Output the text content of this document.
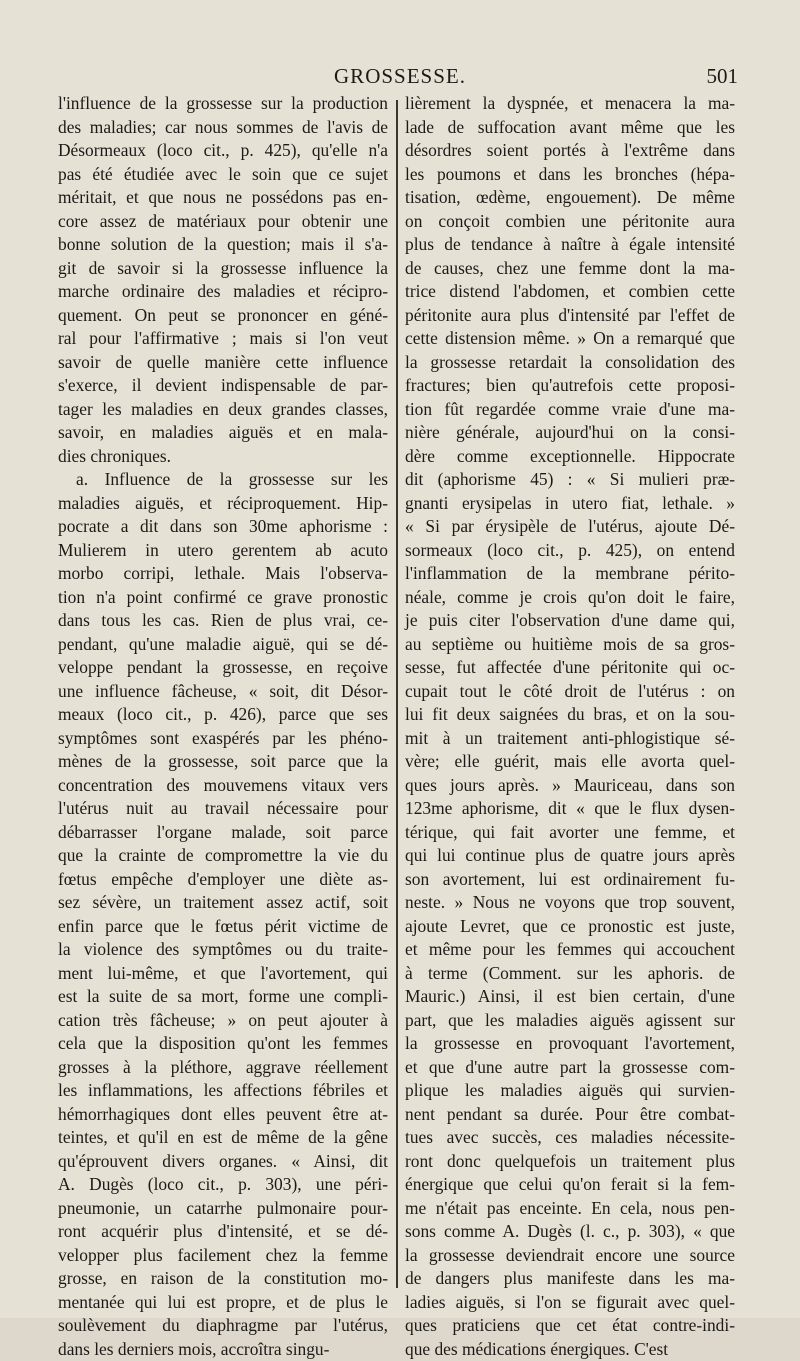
GROSSESSE.	501
l'influence de la grossesse sur la production
des maladies; car nous sommes de l'avis de
Désormeaux (loco cit., p. 425), qu'elle n'a
pas été étudiée avec le soin que ce sujet
méritait, et que nous ne possédons pas en-
core assez de matériaux pour obtenir une
bonne solution de la question; mais il s'a-
git de savoir si la grossesse influence la
marche ordinaire des maladies et récipro-
quement. On peut se prononcer en géné-
ral pour l'affirmative ; mais si l'on veut
savoir de quelle manière cette influence
s'exerce, il devient indispensable de par-
tager les maladies en deux grandes classes,
savoir, en maladies aiguës et en mala-
dies chroniques.
a. Influence de la grossesse sur les
maladies aiguës, et réciproquement. Hip-
pocrate a dit dans son 30me aphorisme :
Mulierem in utero gerentem ab acuto
morbo corripi, lethale. Mais l'observa-
tion n'a point confirmé ce grave pronostic
dans tous les cas. Rien de plus vrai, ce-
pendant, qu'une maladie aiguë, qui se dé-
veloppe pendant la grossesse, en reçoive
une influence fâcheuse, « soit, dit Désor-
meaux (loco cit., p. 426), parce que ses
symptômes sont exaspérés par les phéno-
mènes de la grossesse, soit parce que la
concentration des mouvemens vitaux vers
l'utérus nuit au travail nécessaire pour
débarrasser l'organe malade, soit parce
que la crainte de compromettre la vie du
fœtus empêche d'employer une diète as-
sez sévère, un traitement assez actif, soit
enfin parce que le fœtus périt victime de
la violence des symptômes ou du traite-
ment lui-même, et que l'avortement, qui
est la suite de sa mort, forme une compli-
cation très fâcheuse; » on peut ajouter à
cela que la disposition qu'ont les femmes
grosses à la pléthore, aggrave réellement
les inflammations, les affections fébriles et
hémorrhagiques dont elles peuvent être at-
teintes, et qu'il en est de même de la gêne
qu'éprouvent divers organes. « Ainsi, dit
A. Dugès (loco cit., p. 303), une péri-
pneumonie, un catarrhe pulmonaire pour-
ront acquérir plus d'intensité, et se dé-
velopper plus facilement chez la femme
grosse, en raison de la constitution mo-
mentanée qui lui est propre, et de plus le
soulèvement du diaphragme par l'utérus,
dans les derniers mois, accroîtra singu-
lièrement la dyspnée, et menacera la ma-
lade de suffocation avant même que les
désordres soient portés à l'extrême dans
les poumons et dans les bronches (hépa-
tisation, œdème, engouement). De même
on conçoit combien une péritonite aura
plus de tendance à naître à égale intensité
de causes, chez une femme dont la ma-
trice distend l'abdomen, et combien cette
péritonite aura plus d'intensité par l'effet de
cette distension même. » On a remarqué que
la grossesse retardait la consolidation des
fractures; bien qu'autrefois cette proposi-
tion fût regardée comme vraie d'une ma-
nière générale, aujourd'hui on la consi-
dère comme exceptionnelle. Hippocrate
dit (aphorisme 45) : « Si mulieri præ-
gnanti erysipelas in utero fiat, lethale. »
« Si par érysipèle de l'utérus, ajoute Dé-
sormeaux (loco cit., p. 425), on entend
l'inflammation de la membrane périto-
néale, comme je crois qu'on doit le faire,
je puis citer l'observation d'une dame qui,
au septième ou huitième mois de sa gros-
sesse, fut affectée d'une péritonite qui oc-
cupait tout le côté droit de l'utérus : on
lui fit deux saignées du bras, et on la sou-
mit à un traitement anti-phlogistique sé-
vère; elle guérit, mais elle avorta quel-
ques jours après. » Mauriceau, dans son
123me aphorisme, dit « que le flux dysen-
térique, qui fait avorter une femme, et
qui lui continue plus de quatre jours après
son avortement, lui est ordinairement fu-
neste. » Nous ne voyons que trop souvent,
ajoute Levret, que ce pronostic est juste,
et même pour les femmes qui accouchent
à terme (Comment. sur les aphoris. de
Mauric.) Ainsi, il est bien certain, d'une
part, que les maladies aiguës agissent sur
la grossesse en provoquant l'avortement,
et que d'une autre part la grossesse com-
plique les maladies aiguës qui survien-
nent pendant sa durée. Pour être combat-
tues avec succès, ces maladies nécessite-
ront donc quelquefois un traitement plus
énergique que celui qu'on ferait si la fem-
me n'était pas enceinte. En cela, nous pen-
sons comme A. Dugès (l. c., p. 303), « que
la grossesse deviendrait encore une source
de dangers plus manifeste dans les ma-
ladies aiguës, si l'on se figurait avec quel-
ques praticiens que cet état contre-indi-
que des médications énergiques. C'est
